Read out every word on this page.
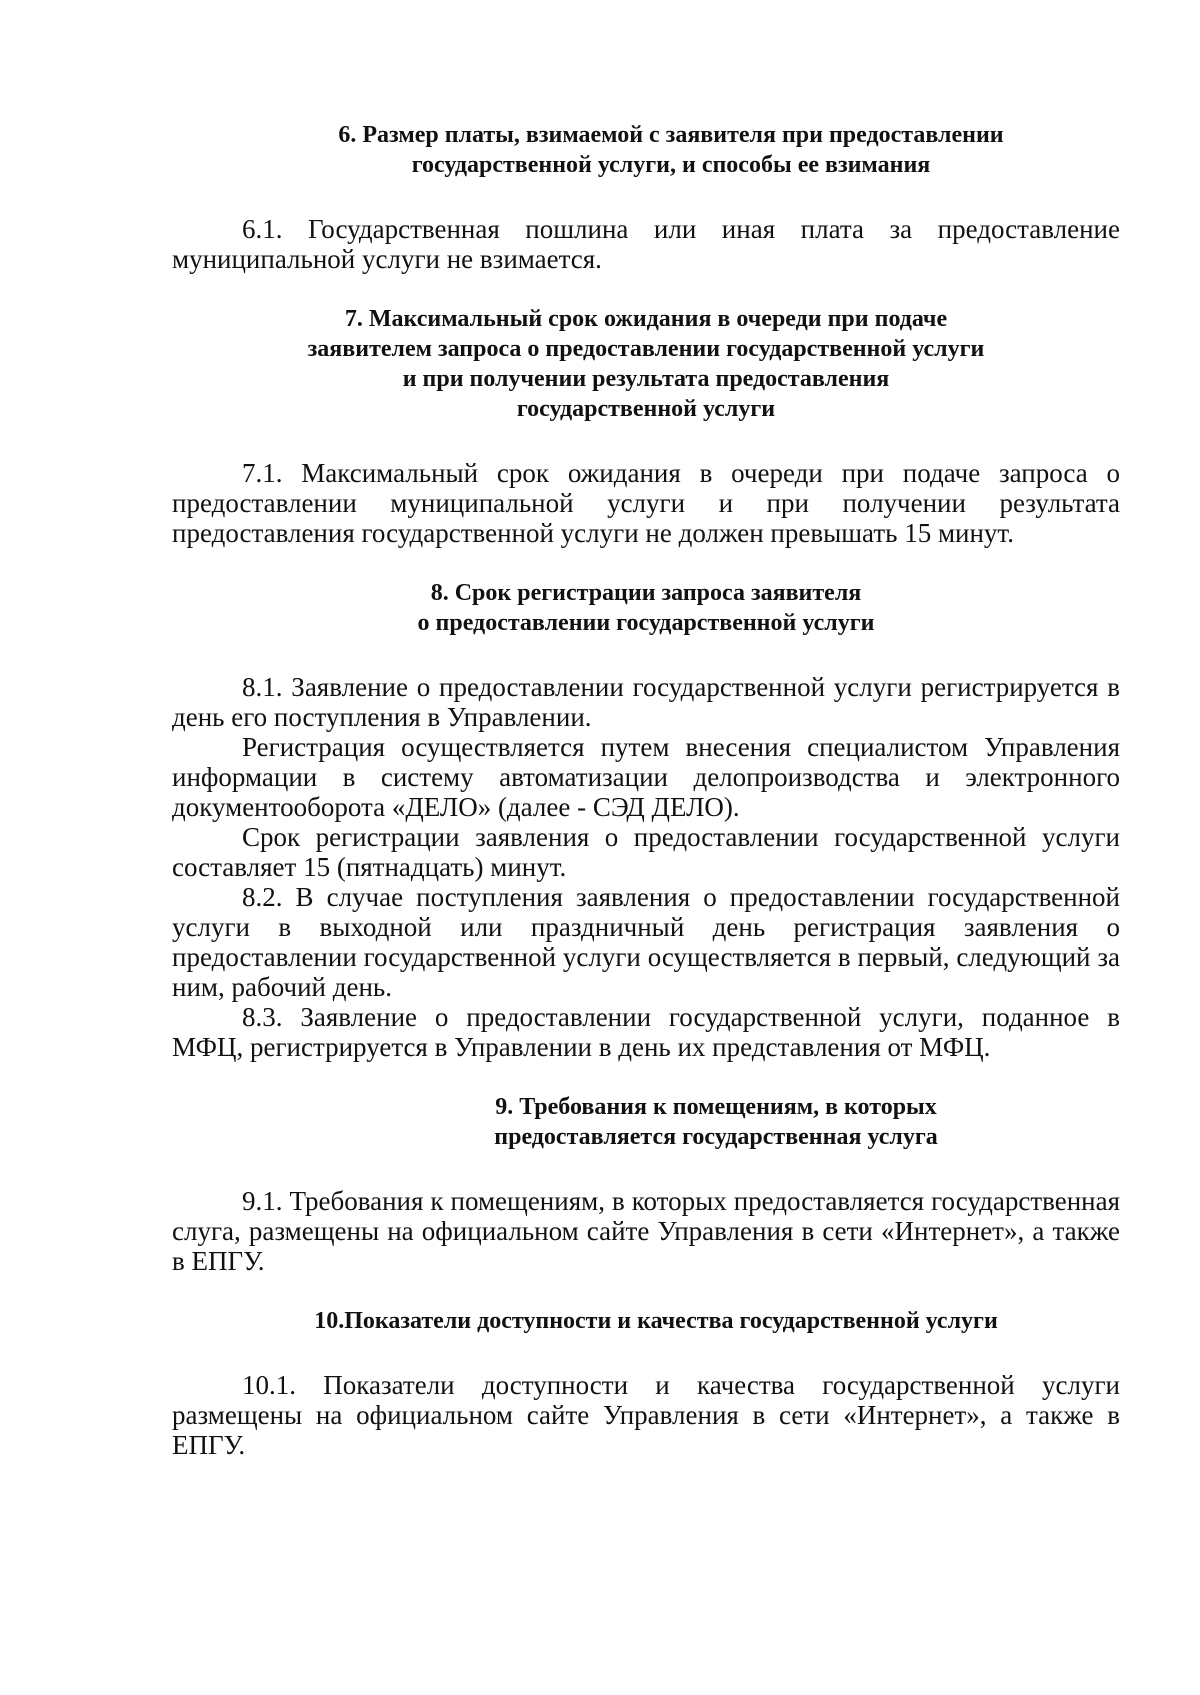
6. Размер платы, взимаемой с заявителя при предоставлении
государственной услуги, и способы ее взимания

6.1. Государственная пошлина или иная плата за предоставление муниципальной услуги не взимается.

7. Максимальный срок ожидания в очереди при подаче
заявителем запроса о предоставлении государственной услуги
и при получении результата предоставления
государственной услуги

7.1. Максимальный срок ожидания в очереди при подаче запроса о предоставлении муниципальной услуги и при получении результата предоставления государственной услуги не должен превышать 15 минут.

8. Срок регистрации запроса заявителя
о предоставлении государственной услуги

8.1. Заявление о предоставлении государственной услуги регистрируется в день его поступления в Управлении.

Регистрация осуществляется путем внесения специалистом Управления информации в систему автоматизации делопроизводства и электронного документооборота «ДЕЛО» (далее - СЭД ДЕЛО).

Срок регистрации заявления о предоставлении государственной услуги составляет 15 (пятнадцать) минут.

8.2. В случае поступления заявления о предоставлении государственной услуги в выходной или праздничный день регистрация заявления о предоставлении государственной услуги осуществляется в первый, следующий за ним, рабочий день.

8.3. Заявление о предоставлении государственной услуги, поданное в МФЦ, регистрируется в Управлении в день их представления от МФЦ.

9. Требования к помещениям, в которых
предоставляется государственная услуга

9.1. Требования к помещениям, в которых предоставляется государственная слуга, размещены на официальном сайте Управления в сети «Интернет», а также в ЕПГУ.

10.Показатели доступности и качества государственной услуги

10.1. Показатели доступности и качества государственной услуги размещены на официальном сайте Управления в сети «Интернет», а также в ЕПГУ.
